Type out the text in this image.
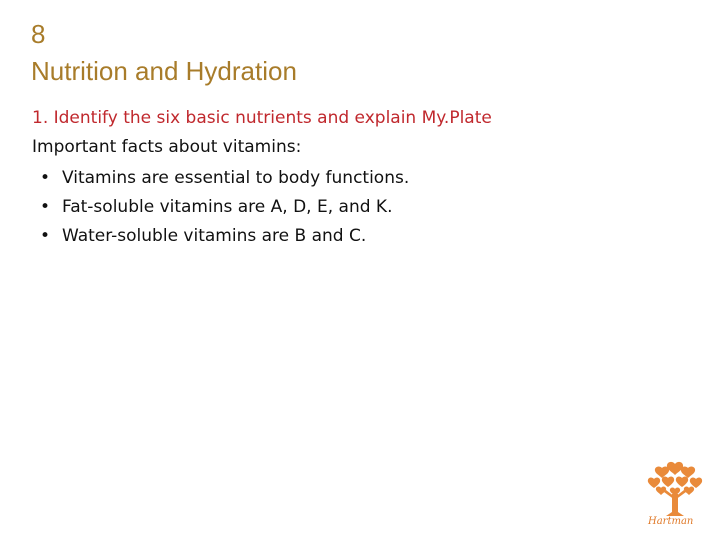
8
Nutrition and Hydration
1. Identify the six basic nutrients and explain My.Plate
Important facts about vitamins:
• Vitamins are essential to body functions.
• Fat-soluble vitamins are A, D, E, and K.
• Water-soluble vitamins are B and C.
Hartman
